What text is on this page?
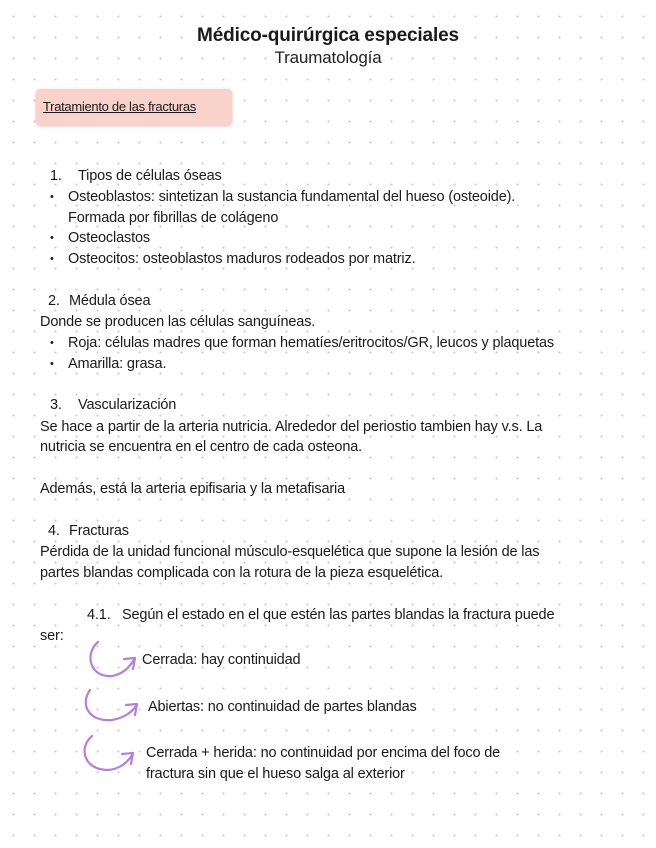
Médico-quirúrgica especiales
Traumatología
Tratamiento de las fracturas
1. Tipos de células óseas
• Osteoblastos: sintetizan la sustancia fundamental del hueso (osteoide).
Formada por fibrillas de colágeno
• Osteoclastos
• Osteocitos: osteoblastos maduros rodeados por matriz.
2. Médula ósea
Donde se producen las células sanguíneas.
• Roja: células madres que forman hematíes/eritrocitos/GR, leucos y plaquetas
• Amarilla: grasa.
3. Vascularización
Se hace a partir de la arteria nutricia. Alrededor del periostio tambien hay v.s. La
nutricia se encuentra en el centro de cada osteona.
Además, está la arteria epifisaria y la metafisaria
4. Fracturas
Pérdida de la unidad funcional músculo-esquelética que supone la lesión de las
partes blandas complicada con la rotura de la pieza esquelética.
4.1. Según el estado en el que estén las partes blandas la fractura puede
ser:
Cerrada: hay continuidad
Abiertas: no continuidad de partes blandas
Cerrada + herida: no continuidad por encima del foco de
fractura sin que el hueso salga al exterior
